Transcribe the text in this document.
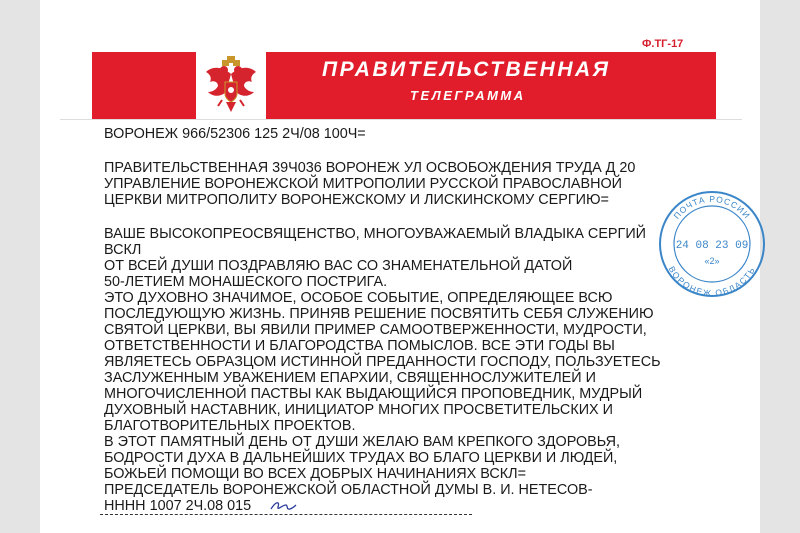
Ф.ТГ-17
ПРАВИТЕЛЬСТВЕННАЯ
ТЕЛЕГРАММА
ВОРОНЕЖ 966/52306 125 2Ч/08 100Ч=
ПРАВИТЕЛЬСТВЕННАЯ 39Ч036 ВОРОНЕЖ УЛ ОСВОБОЖДЕНИЯ ТРУДА Д 20
УПРАВЛЕНИЕ ВОРОНЕЖСКОЙ МИТРОПОЛИИ РУССКОЙ ПРАВОСЛАВНОЙ
ЦЕРКВИ МИТРОПОЛИТУ ВОРОНЕЖСКОМУ И ЛИСКИНСКОМУ СЕРГИЮ=
ВАШЕ ВЫСОКОПРЕОСВЯЩЕНСТВО, МНОГОУВАЖАЕМЫЙ ВЛАДЫКА СЕРГИЙ
ВСКЛ
ОТ ВСЕЙ ДУШИ ПОЗДРАВЛЯЮ ВАС СО ЗНАМЕНАТЕЛЬНОЙ ДАТОЙ
50-ЛЕТИЕМ МОНАШЕСКОГО ПОСТРИГА.
ЭТО ДУХОВНО ЗНАЧИМОЕ, ОСОБОЕ СОБЫТИЕ, ОПРЕДЕЛЯЮЩЕЕ ВСЮ
ПОСЛЕДУЮЩУЮ ЖИЗНЬ. ПРИНЯВ РЕШЕНИЕ ПОСВЯТИТЬ СЕБЯ СЛУЖЕНИЮ
СВЯТОЙ ЦЕРКВИ, ВЫ ЯВИЛИ ПРИМЕР САМООТВЕРЖЕННОСТИ, МУДРОСТИ,
ОТВЕТСТВЕННОСТИ И БЛАГОРОДСТВА ПОМЫСЛОВ. ВСЕ ЭТИ ГОДЫ ВЫ
ЯВЛЯЕТЕСЬ ОБРАЗЦОМ ИСТИННОЙ ПРЕДАННОСТИ ГОСПОДУ, ПОЛЬЗУЕТЕСЬ
ЗАСЛУЖЕННЫМ УВАЖЕНИЕМ ЕПАРХИИ, СВЯЩЕННОСЛУЖИТЕЛЕЙ И
МНОГОЧИСЛЕННОЙ ПАСТВЫ КАК ВЫДАЮЩИЙСЯ ПРОПОВЕДНИК, МУДРЫЙ
ДУХОВНЫЙ НАСТАВНИК, ИНИЦИАТОР МНОГИХ ПРОСВЕТИТЕЛЬСКИХ И
БЛАГОТВОРИТЕЛЬНЫХ ПРОЕКТОВ.
В ЭТОТ ПАМЯТНЫЙ ДЕНЬ ОТ ДУШИ ЖЕЛАЮ ВАМ КРЕПКОГО ЗДОРОВЬЯ,
БОДРОСТИ ДУХА В ДАЛЬНЕЙШИХ ТРУДАХ ВО БЛАГО ЦЕРКВИ И ЛЮДЕЙ,
БОЖЬЕЙ ПОМОЩИ ВО ВСЕХ ДОБРЫХ НАЧИНАНИЯХ ВСКЛ=
ПРЕДСЕДАТЕЛЬ ВОРОНЕЖСКОЙ ОБЛАСТНОЙ ДУМЫ В. И. НЕТЕСОВ-
НННН 1007 2Ч.08 015
ПОЧТА РОССИИ
24 08 23 09
«2»
ВОРОНЕЖ ОБЛАСТЬ
